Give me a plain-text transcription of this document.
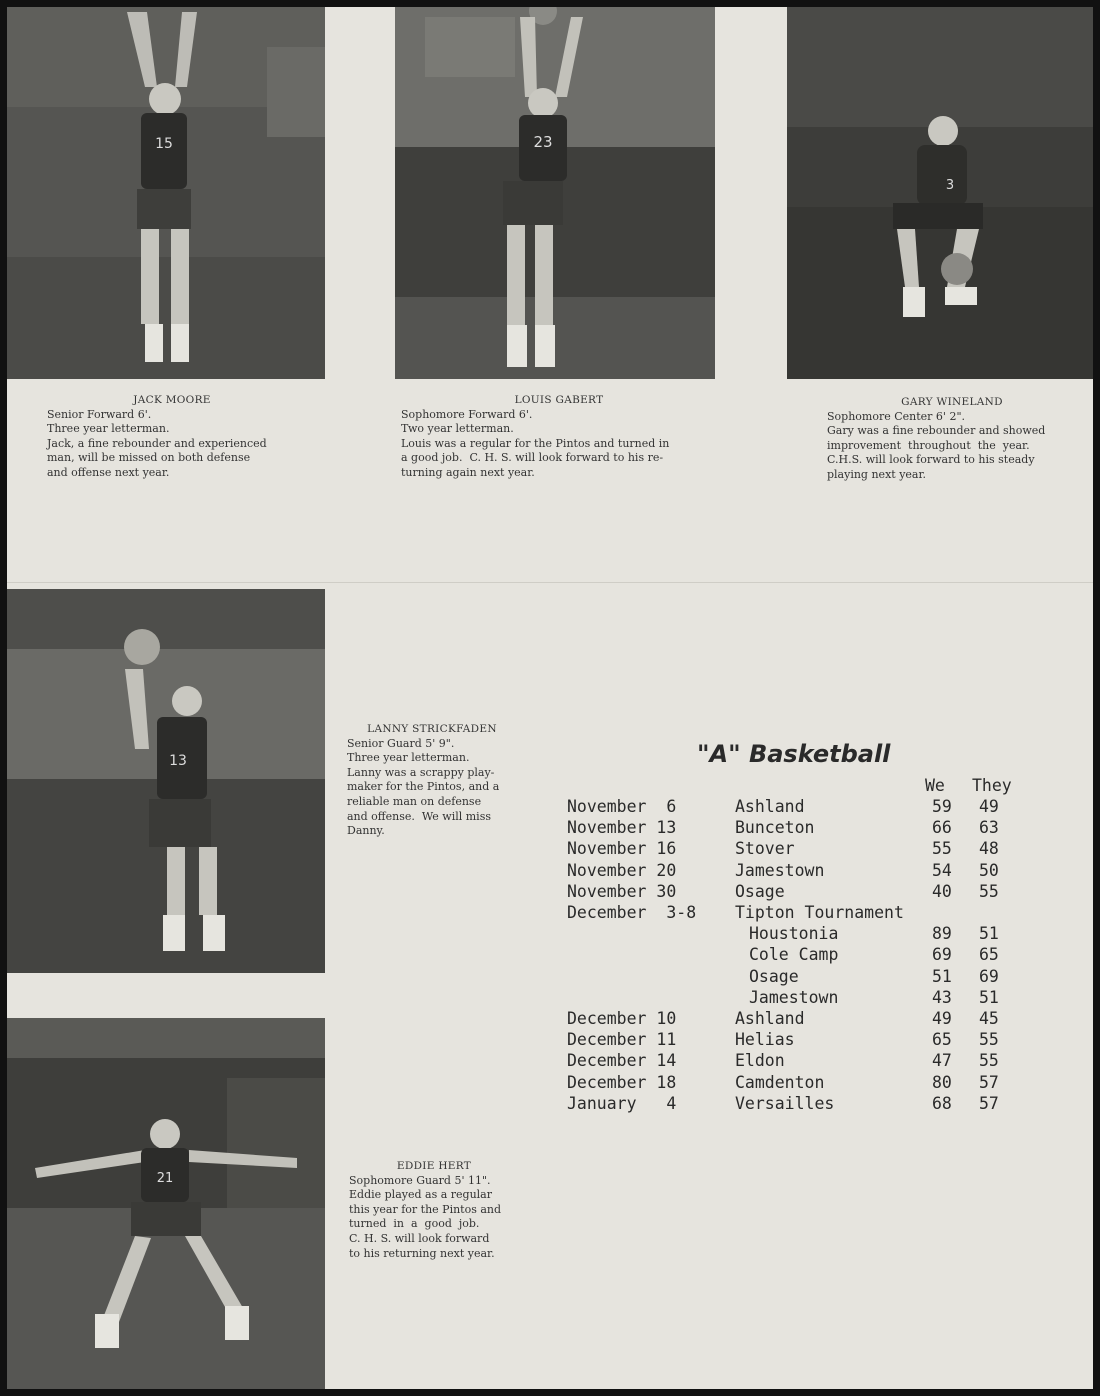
15	23
3
13
21
JACK MOORE
Senior Forward 6'.
Three year letterman.
Jack, a fine rebounder and experienced
man, will be missed on both defense
and offense next year.
LOUIS GABERT
Sophomore Forward 6'.
Two year letterman.
Louis was a regular for the Pintos and turned in
a good job.  C. H. S. will look forward to his re-
turning again next year.
GARY WINELAND
Sophomore Center 6' 2".
Gary was a fine rebounder and showed
improvement  throughout  the  year.
C.H.S. will look forward to his steady
playing next year.
LANNY STRICKFADEN
Senior Guard 5' 9".
Three year letterman.
Lanny was a scrappy play-
maker for the Pintos, and a
reliable man on defense
and offense.  We will miss
Danny.
EDDIE HERT
Sophomore Guard 5' 11".
Eddie played as a regular
this year for the Pintos and
turned  in  a  good  job.
C. H. S. will look forward
to his returning next year.
"A" Basketball
We They
November  6	Ashland	59 49
November 13	Bunceton	66 63
November 16	Stover	55 48
November 20	Jamestown	54 50
November 30	Osage	40 55
December  3-8 Tipton Tournament
Houstonia	89 51
Cole Camp	69 65
Osage	51 69
Jamestown	43 51
December 10	Ashland	49 45
December 11	Helias	65 55
December 14	Eldon	47 55
December 18	Camdenton	80 57
January   4	Versailles	68 57
